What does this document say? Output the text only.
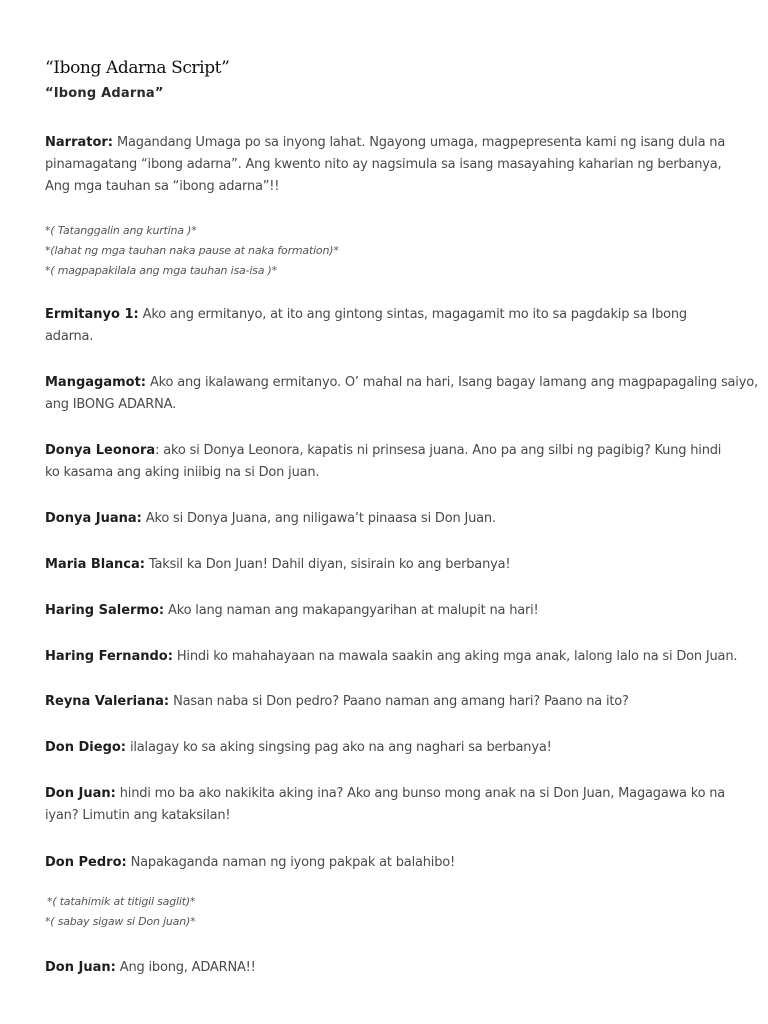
“Ibong Adarna Script”
“Ibong Adarna”
Narrator: Magandang Umaga po sa inyong lahat. Ngayong umaga, magpepresenta kami ng isang dula na
pinamagatang “ibong adarna”. Ang kwento nito ay nagsimula sa isang masayahing kaharian ng berbanya,
Ang mga tauhan sa “ibong adarna”!!
*( Tatanggalin ang kurtina )*
*(lahat ng mga tauhan naka pause at naka formation)*
*( magpapakilala ang mga tauhan isa-isa )*
Ermitanyo 1: Ako ang ermitanyo, at ito ang gintong sintas, magagamit mo ito sa pagdakip sa Ibong
adarna.
Mangagamot: Ako ang ikalawang ermitanyo. O’ mahal na hari, Isang bagay lamang ang magpapagaling saiyo,
ang IBONG ADARNA.
Donya Leonora: ako si Donya Leonora, kapatis ni prinsesa juana. Ano pa ang silbi ng pagibig? Kung hindi
ko kasama ang aking iniibig na si Don juan.
Donya Juana: Ako si Donya Juana, ang niligawa’t pinaasa si Don Juan.
Maria Blanca: Taksil ka Don Juan! Dahil diyan, sisirain ko ang berbanya!
Haring Salermo: Ako lang naman ang makapangyarihan at malupit na hari!
Haring Fernando: Hindi ko mahahayaan na mawala saakin ang aking mga anak, lalong lalo na si Don Juan.
Reyna Valeriana: Nasan naba si Don pedro? Paano naman ang amang hari? Paano na ito?
Don Diego: ilalagay ko sa aking singsing pag ako na ang naghari sa berbanya!
Don Juan: hindi mo ba ako nakikita aking ina? Ako ang bunso mong anak na si Don Juan, Magagawa ko na
iyan? Limutin ang kataksilan!
Don Pedro: Napakaganda naman ng iyong pakpak at balahibo!
*( tatahimik at titigil saglit)*
*( sabay sigaw si Don juan)*
Don Juan: Ang ibong, ADARNA!!
